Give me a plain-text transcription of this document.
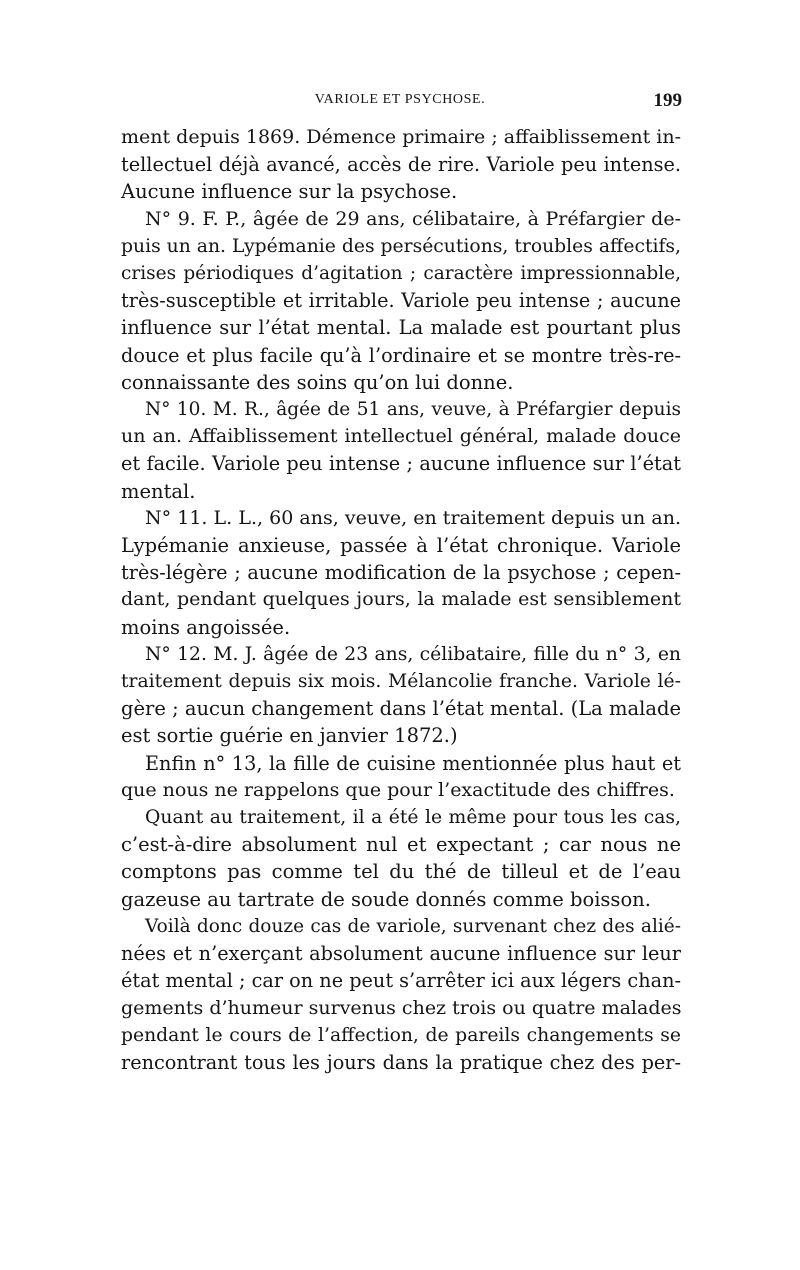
VARIOLE ET PSYCHOSE.	199
ment depuis 1869. Démence primaire ; affaiblissement in-
tellectuel déjà avancé, accès de rire. Variole peu intense.
Aucune influence sur la psychose.
N° 9. F. P., âgée de 29 ans, célibataire, à Préfargier de-
puis un an. Lypémanie des persécutions, troubles affectifs,
crises périodiques d’agitation ; caractère impressionnable,
très-susceptible et irritable. Variole peu intense ; aucune
influence sur l’état mental. La malade est pourtant plus
douce et plus facile qu’à l’ordinaire et se montre très-re-
connaissante des soins qu’on lui donne.
N° 10. M. R., âgée de 51 ans, veuve, à Préfargier depuis
un an. Affaiblissement intellectuel général, malade douce
et facile. Variole peu intense ; aucune influence sur l’état
mental.
N° 11. L. L., 60 ans, veuve, en traitement depuis un an.
Lypémanie anxieuse, passée à l’état chronique. Variole
très-légère ; aucune modification de la psychose ; cepen-
dant, pendant quelques jours, la malade est sensiblement
moins angoissée.
N° 12. M. J. âgée de 23 ans, célibataire, fille du n° 3, en
traitement depuis six mois. Mélancolie franche. Variole lé-
gère ; aucun changement dans l’état mental. (La malade
est sortie guérie en janvier 1872.)
Enfin n° 13, la fille de cuisine mentionnée plus haut et
que nous ne rappelons que pour l’exactitude des chiffres.
Quant au traitement, il a été le même pour tous les cas,
c’est-à-dire absolument nul et expectant ; car nous ne
comptons pas comme tel du thé de tilleul et de l’eau
gazeuse au tartrate de soude donnés comme boisson.
Voilà donc douze cas de variole, survenant chez des alié-
nées et n’exerçant absolument aucune influence sur leur
état mental ; car on ne peut s’arrêter ici aux légers chan-
gements d’humeur survenus chez trois ou quatre malades
pendant le cours de l’affection, de pareils changements se
rencontrant tous les jours dans la pratique chez des per-
